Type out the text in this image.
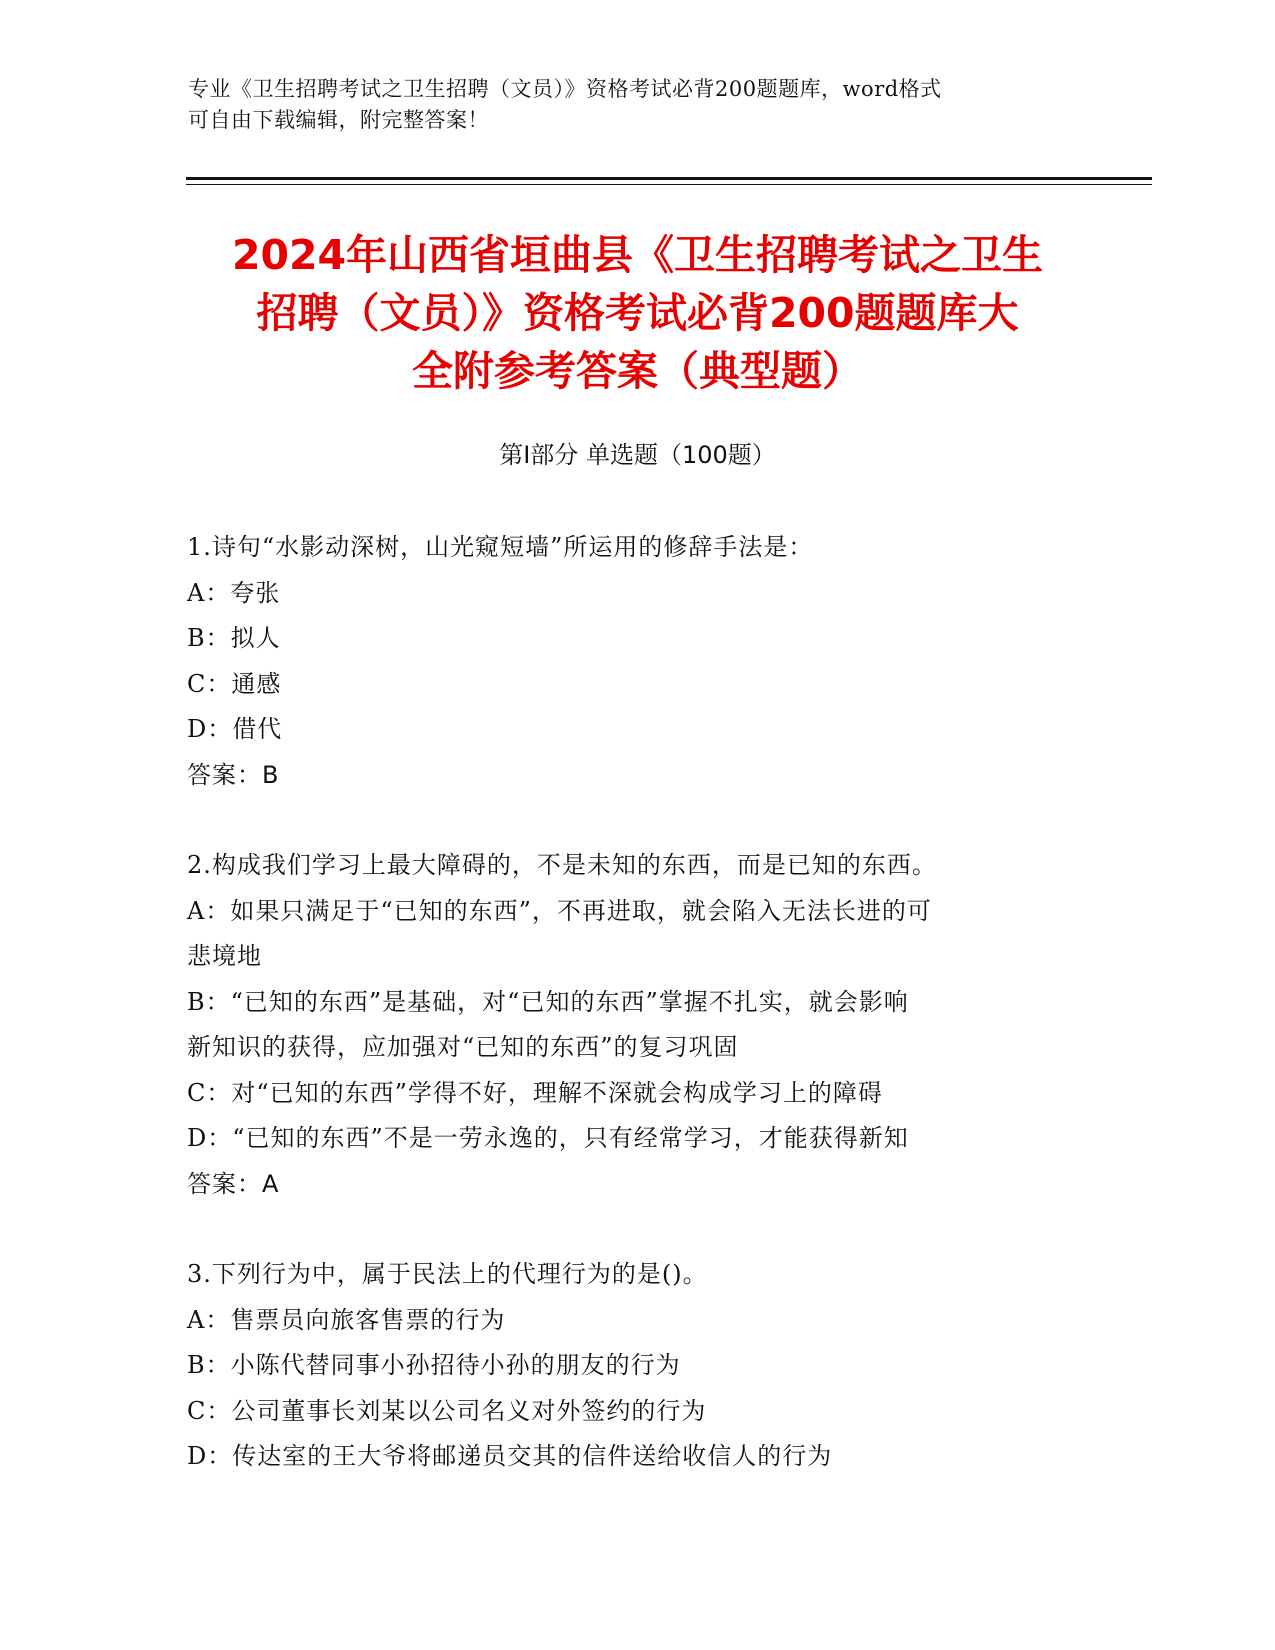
专业《卫生招聘考试之卫生招聘（文员）》资格考试必背200题题库，word格式
可自由下载编辑，附完整答案！
2024年山西省垣曲县《卫生招聘考试之卫生
招聘（文员）》资格考试必背200题题库大
全附参考答案（典型题）
第Ⅰ部分 单选题（100题）
1.诗句“水影动深树，山光窥短墙”所运用的修辞手法是：
A：夸张
B：拟人
C：通感
D：借代
答案：B
2.构成我们学习上最大障碍的，不是未知的东西，而是已知的东西。
A：如果只满足于“已知的东西”，不再进取，就会陷入无法长进的可
悲境地
B：“已知的东西”是基础，对“已知的东西”掌握不扎实，就会影响
新知识的获得，应加强对“已知的东西”的复习巩固
C：对“已知的东西”学得不好，理解不深就会构成学习上的障碍
D：“已知的东西”不是一劳永逸的，只有经常学习，才能获得新知
答案：A
3.下列行为中，属于民法上的代理行为的是()。
A：售票员向旅客售票的行为
B：小陈代替同事小孙招待小孙的朋友的行为
C：公司董事长刘某以公司名义对外签约的行为
D：传达室的王大爷将邮递员交其的信件送给收信人的行为
